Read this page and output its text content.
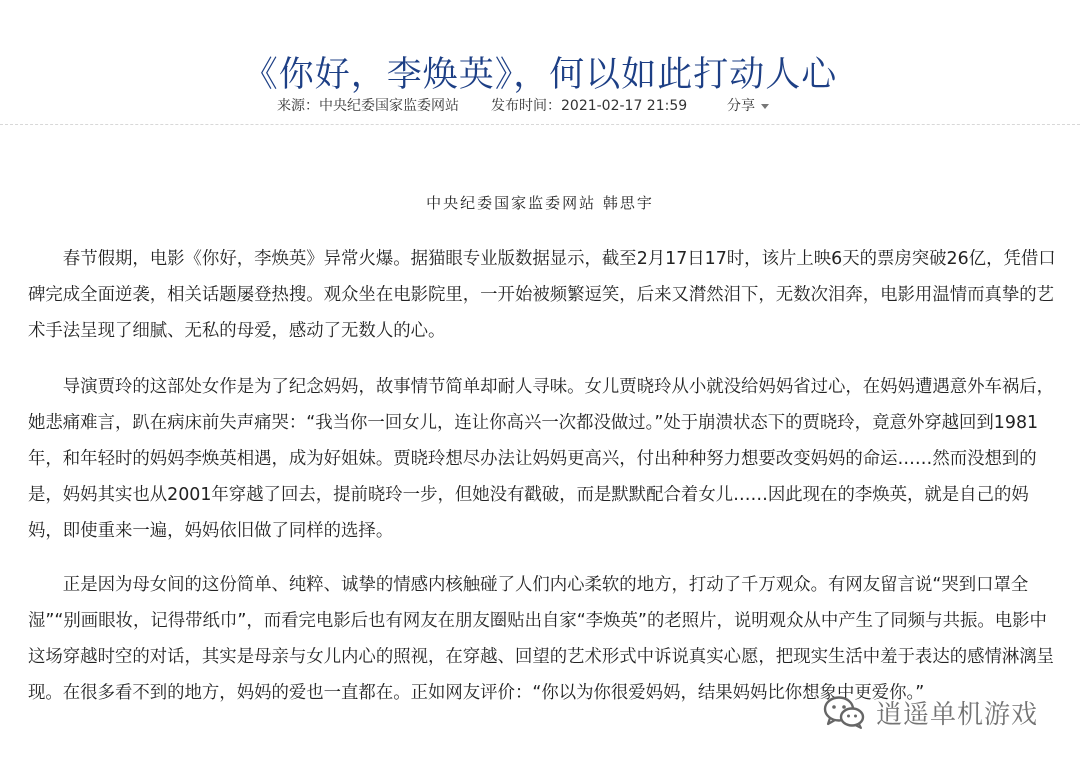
《你好，李焕英》，何以如此打动人心
来源：中央纪委国家监委网站 发布时间：2021-02-17 21:59	分享
中央纪委国家监委网站 韩思宇

春节假期，电影《你好，李焕英》异常火爆。据猫眼专业版数据显示，截至2月17日17时，该片上映6天的票房突破26亿，凭借口碑完成全面逆袭，相关话题屡登热搜。观众坐在电影院里，一开始被频繁逗笑，后来又潸然泪下，无数次泪奔，电影用温情而真挚的艺术手法呈现了细腻、无私的母爱，感动了无数人的心。

导演贾玲的这部处女作是为了纪念妈妈，故事情节简单却耐人寻味。女儿贾晓玲从小就没给妈妈省过心，在妈妈遭遇意外车祸后，她悲痛难言，趴在病床前失声痛哭：“我当你一回女儿，连让你高兴一次都没做过。”处于崩溃状态下的贾晓玲，竟意外穿越回到1981年，和年轻时的妈妈李焕英相遇，成为好姐妹。贾晓玲想尽办法让妈妈更高兴，付出种种努力想要改变妈妈的命运……然而没想到的是，妈妈其实也从2001年穿越了回去，提前晓玲一步，但她没有戳破，而是默默配合着女儿……因此现在的李焕英，就是自己的妈妈，即使重来一遍，妈妈依旧做了同样的选择。

正是因为母女间的这份简单、纯粹、诚挚的情感内核触碰了人们内心柔软的地方，打动了千万观众。有网友留言说“哭到口罩全湿”“别画眼妆，记得带纸巾”，而看完电影后也有网友在朋友圈贴出自家“李焕英”的老照片，说明观众从中产生了同频与共振。电影中这场穿越时空的对话，其实是母亲与女儿内心的照视，在穿越、回望的艺术形式中诉说真实心愿，把现实生活中羞于表达的感情淋漓呈现。在很多看不到的地方，妈妈的爱也一直都在。正如网友评价：“你以为你很爱妈妈，结果妈妈比你想象中更爱你。”

逍遥单机游戏
